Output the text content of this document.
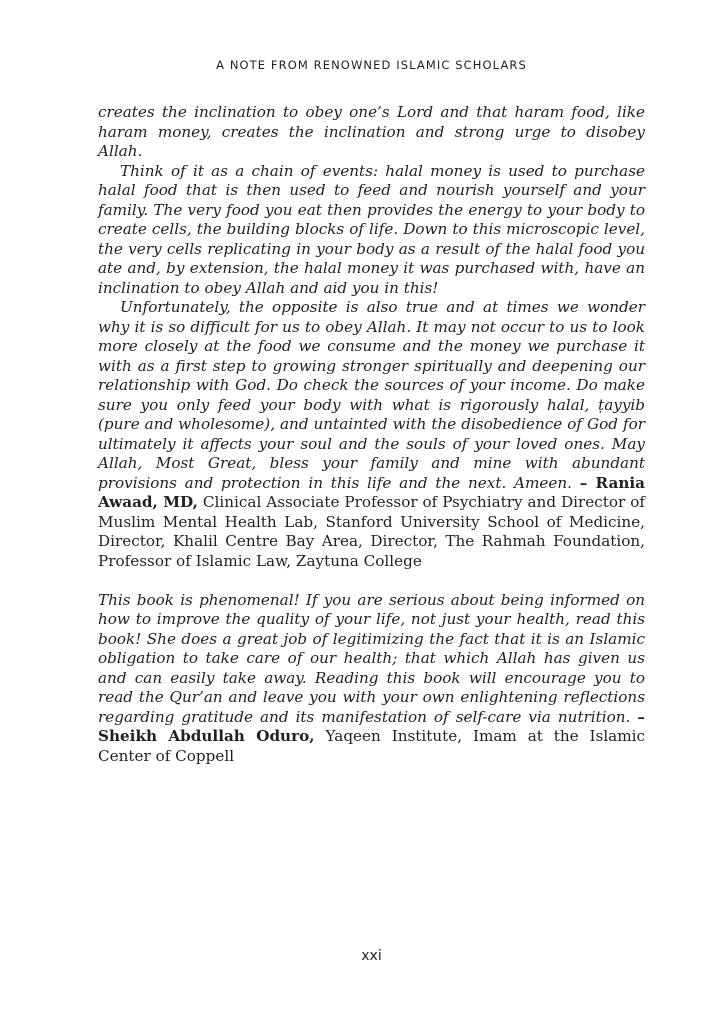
A NOTE FROM RENOWNED ISLAMIC SCHOLARS

creates the inclination to obey one’s Lord and that haram food, like haram money, creates the inclination and strong urge to disobey Allah.

Think of it as a chain of events: halal money is used to purchase halal food that is then used to feed and nourish yourself and your family. The very food you eat then provides the energy to your body to create cells, the building blocks of life. Down to this microscopic level, the very cells replicating in your body as a result of the halal food you ate and, by extension, the halal money it was purchased with, have an inclination to obey Allah and aid you in this!

Unfortunately, the opposite is also true and at times we wonder why it is so difficult for us to obey Allah. It may not occur to us to look more closely at the food we consume and the money we purchase it with as a first step to growing stronger spiritually and deepening our relationship with God. Do check the sources of your income. Do make sure you only feed your body with what is rigorously halal, ṭayyib (pure and wholesome), and untainted with the disobedience of God for ultimately it affects your soul and the souls of your loved ones. May Allah, Most Great, bless your family and mine with abundant provisions and protection in this life and the next. Ameen. – Rania Awaad, MD, Clinical Associate Professor of Psychiatry and Director of Muslim Mental Health Lab, Stanford University School of Medicine, Director, Khalil Centre Bay Area, Director, The Rahmah Foundation, Professor of Islamic Law, Zaytuna College

This book is phenomenal! If you are serious about being informed on how to improve the quality of your life, not just your health, read this book! She does a great job of legitimizing the fact that it is an Islamic obligation to take care of our health; that which Allah has given us and can easily take away. Reading this book will encourage you to read the Qur’an and leave you with your own enlightening reflections regarding gratitude and its manifestation of self-care via nutrition. – Sheikh Abdullah Oduro, Yaqeen Institute, Imam at the Islamic Center of Coppell

xxi
